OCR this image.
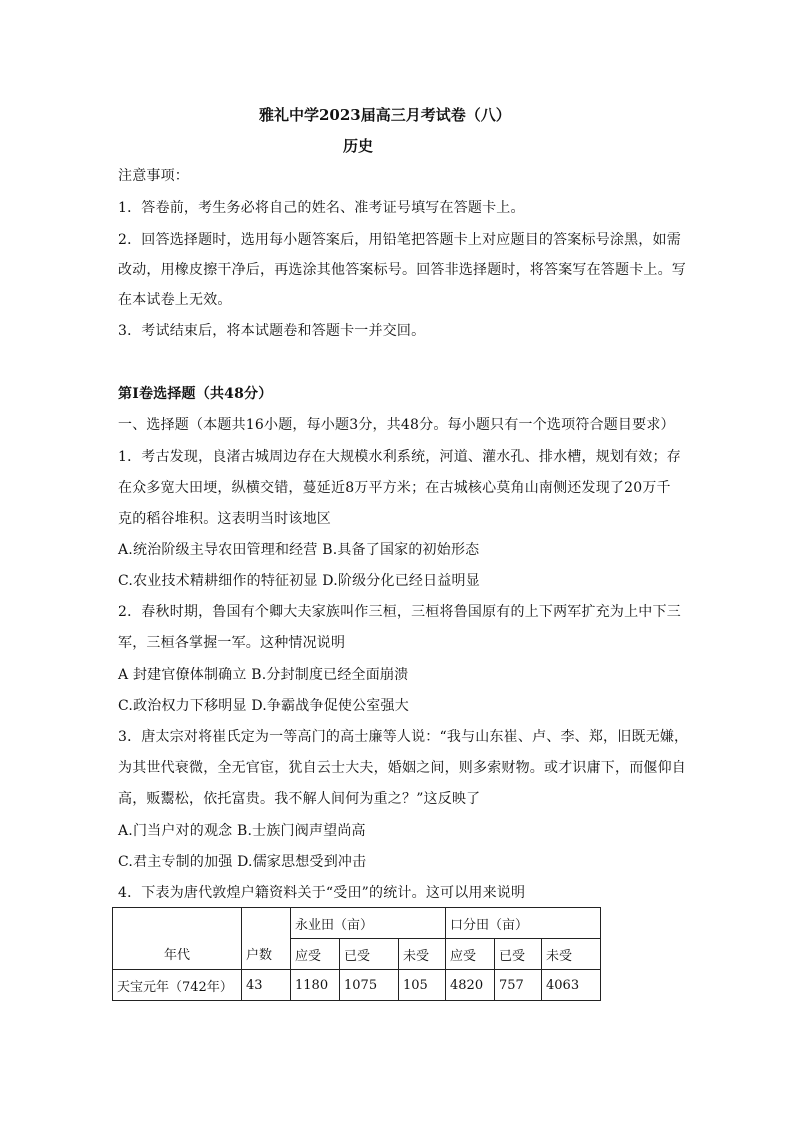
雅礼中学2023届高三月考试卷（八）
历史
注意事项：
1．答卷前，考生务必将自己的姓名、准考证号填写在答题卡上。
2．回答选择题时，选用每小题答案后，用铅笔把答题卡上对应题目的答案标号涂黑，如需
改动，用橡皮擦干净后，再选涂其他答案标号。回答非选择题时，将答案写在答题卡上。写
在本试卷上无效。
3．考试结束后，将本试题卷和答题卡一并交回。
第Ⅰ卷选择题（共48分）
一、选择题（本题共16小题，每小题3分，共48分。每小题只有一个选项符合题目要求）
1．考古发现，良渚古城周边存在大规模水利系统，河道、灌水孔、排水槽，规划有效；存
在众多宽大田埂，纵横交错，蔓延近8万平方米；在古城核心莫角山南侧还发现了20万千
克的稻谷堆积。这表明当时该地区
A.统治阶级主导农田管理和经营 B.具备了国家的初始形态
C.农业技术精耕细作的特征初显 D.阶级分化已经日益明显
2．春秋时期，鲁国有个卿大夫家族叫作三桓，三桓将鲁国原有的上下两军扩充为上中下三
军，三桓各掌握一军。这种情况说明
A 封建官僚体制确立 B.分封制度已经全面崩溃
C.政治权力下移明显 D.争霸战争促使公室强大
3．唐太宗对将崔氏定为一等高门的高士廉等人说：“我与山东崔、卢、李、郑，旧既无嫌，
为其世代衰微，全无官宦，犹自云士大夫，婚姻之间，则多索财物。或才识庸下，而偃仰自
高，贩鬻松，依托富贵。我不解人间何为重之？”这反映了
A.门当户对的观念 B.士族门阀声望尚高
C.君主专制的加强 D.儒家思想受到冲击
4．下表为唐代敦煌户籍资料关于“受田”的统计。这可以用来说明
年代	户数	永业田（亩）			口分田（亩）		
		应受	已受	未受	应受	已受	未受
天宝元年（742年）	43	1180	1075	105	4820	757	4063
